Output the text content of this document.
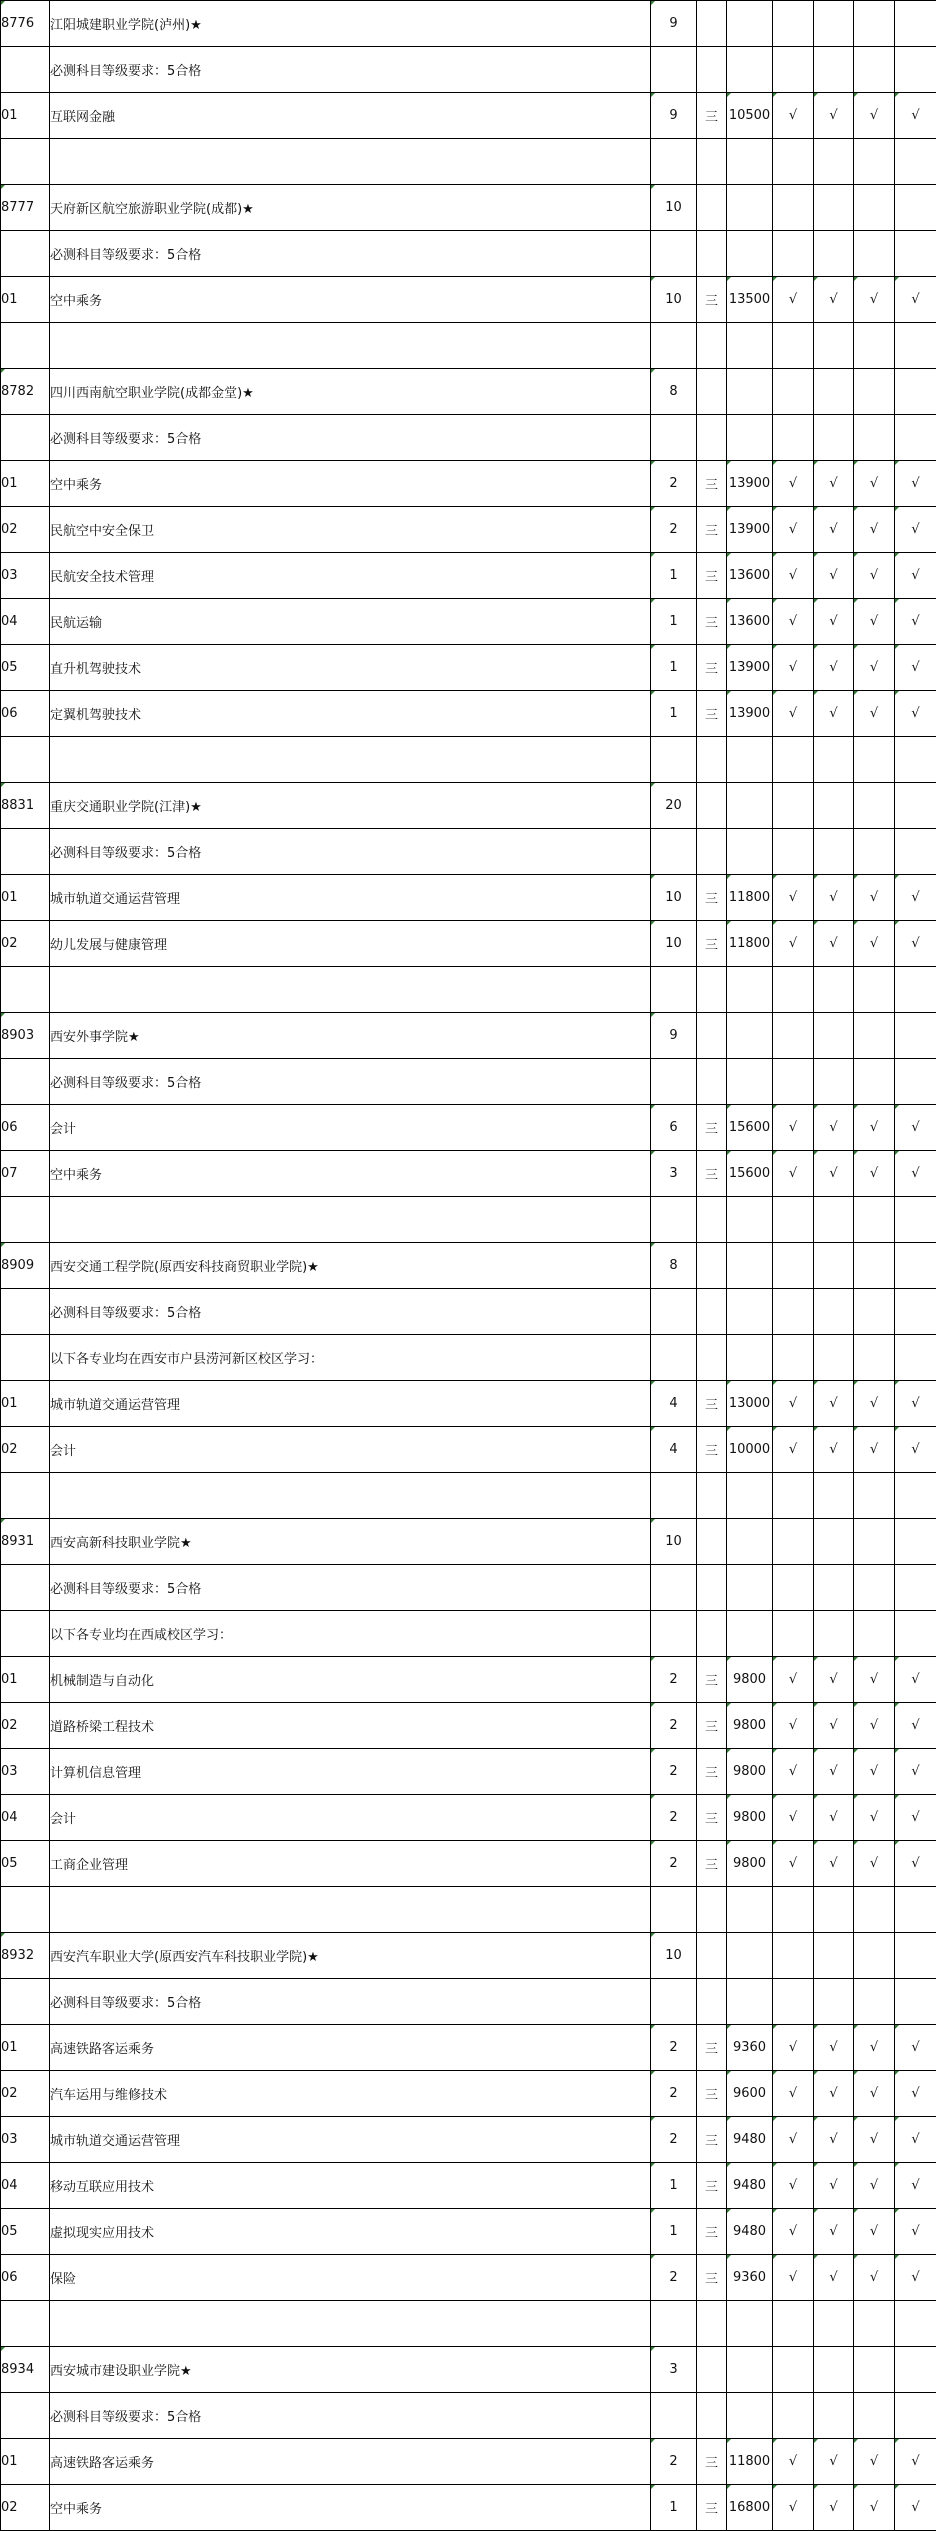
8776	江阳城建职业学院(泸州)★	9						
	必测科目等级要求：5合格							
01	互联网金融	9	三	10500	√	√	√	√

8777	天府新区航空旅游职业学院(成都)★	10						
	必测科目等级要求：5合格							
01	空中乘务	10	三	13500	√	√	√	√

8782	四川西南航空职业学院(成都金堂)★	8						
	必测科目等级要求：5合格							
01	空中乘务	2	三	13900	√	√	√	√
02	民航空中安全保卫	2	三	13900	√	√	√	√
03	民航安全技术管理	1	三	13600	√	√	√	√
04	民航运输	1	三	13600	√	√	√	√
05	直升机驾驶技术	1	三	13900	√	√	√	√
06	定翼机驾驶技术	1	三	13900	√	√	√	√

8831	重庆交通职业学院(江津)★	20						
	必测科目等级要求：5合格							
01	城市轨道交通运营管理	10	三	11800	√	√	√	√
02	幼儿发展与健康管理	10	三	11800	√	√	√	√

8903	西安外事学院★	9						
	必测科目等级要求：5合格							
06	会计	6	三	15600	√	√	√	√
07	空中乘务	3	三	15600	√	√	√	√

8909	西安交通工程学院(原西安科技商贸职业学院)★	8						
	必测科目等级要求：5合格							
	以下各专业均在西安市户县涝河新区校区学习：							
01	城市轨道交通运营管理	4	三	13000	√	√	√	√
02	会计	4	三	10000	√	√	√	√

8931	西安高新科技职业学院★	10						
	必测科目等级要求：5合格							
	以下各专业均在西咸校区学习：							
01	机械制造与自动化	2	三	9800	√	√	√	√
02	道路桥梁工程技术	2	三	9800	√	√	√	√
03	计算机信息管理	2	三	9800	√	√	√	√
04	会计	2	三	9800	√	√	√	√
05	工商企业管理	2	三	9800	√	√	√	√

8932	西安汽车职业大学(原西安汽车科技职业学院)★	10						
	必测科目等级要求：5合格							
01	高速铁路客运乘务	2	三	9360	√	√	√	√
02	汽车运用与维修技术	2	三	9600	√	√	√	√
03	城市轨道交通运营管理	2	三	9480	√	√	√	√
04	移动互联应用技术	1	三	9480	√	√	√	√
05	虚拟现实应用技术	1	三	9480	√	√	√	√
06	保险	2	三	9360	√	√	√	√

8934	西安城市建设职业学院★	3						
	必测科目等级要求：5合格							
01	高速铁路客运乘务	2	三	11800	√	√	√	√
02	空中乘务	1	三	16800	√	√	√	√
